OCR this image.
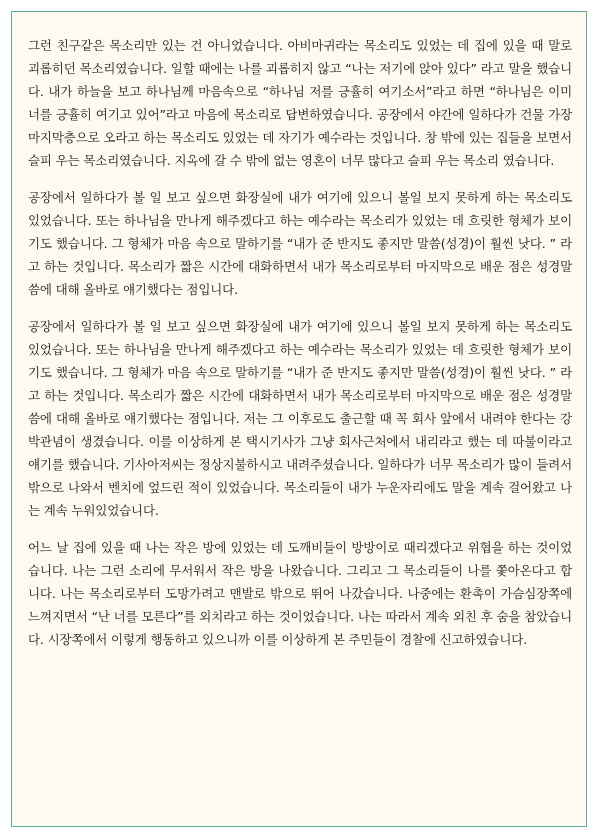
그런 친구같은 목소리만 있는 건 아니었습니다. 아비마귀라는 목소리도 있었는 데 집에 있을 때 말로 괴롭히던 목소리였습니다. 일할 때에는 나를 괴롭히지 않고 “나는 저기에 앉아 있다” 라고 말을 했습니다. 내가 하늘을 보고 하나님께 마음속으로 “하나님 저를 긍휼히 여기소서”라고 하면 “하나님은 이미 너를 긍휼히 여기고 있어”라고 마음에 목소리로 답변하였습니다. 공장에서 야간에 일하다가 건물 가장 마지막층으로 오라고 하는 목소리도 있었는 데 자기가 예수라는 것입니다. 창 밖에 있는 집들을 보면서 슬피 우는 목소리였습니다. 지옥에 갈 수 밖에 없는 영혼이 너무 많다고 슬피 우는 목소리 였습니다.

공장에서 일하다가 볼 일 보고 싶으면 화장실에 내가 여기에 있으니 볼일 보지 못하게 하는 목소리도 있었습니다. 또는 하나님을 만나게 해주겠다고 하는 예수라는 목소리가 있었는 데 흐릿한 형체가 보이기도 했습니다. 그 형체가 마음 속으로 말하기를 “내가 준 반지도 좋지만 말씀(성경)이 훨씬 낫다. ” 라고 하는 것입니다. 목소리가 짧은 시간에 대화하면서 내가 목소리로부터 마지막으로 배운 점은 성경말씀에 대해 올바로 얘기했다는 점입니다.

공장에서 일하다가 볼 일 보고 싶으면 화장실에 내가 여기에 있으니 볼일 보지 못하게 하는 목소리도 있었습니다. 또는 하나님을 만나게 해주겠다고 하는 예수라는 목소리가 있었는 데 흐릿한 형체가 보이기도 했습니다. 그 형체가 마음 속으로 말하기를 “내가 준 반지도 좋지만 말씀(성경)이 훨씬 낫다. ” 라고 하는 것입니다. 목소리가 짧은 시간에 대화하면서 내가 목소리로부터 마지막으로 배운 점은 성경말씀에 대해 올바로 얘기했다는 점입니다. 저는 그 이후로도 출근할 때 꼭 회사 앞에서 내려야 한다는 강박관념이 생겼습니다. 이를 이상하게 본 택시기사가 그냥 회사근처에서 내리라고 했는 데 따불이라고 얘기를 했습니다. 기사아저씨는 정상지불하시고 내려주셨습니다. 일하다가 너무 목소리가 많이 들려서 밖으로 나와서 벤치에 엎드린 적이 있었습니다. 목소리들이 내가 누운자리에도 말을 계속 걸어왔고 나는 계속 누워있었습니다.

어느 날 집에 있을 때 나는 작은 방에 있었는 데 도깨비들이 방방이로 때리겠다고 위협을 하는 것이었습니다. 나는 그런 소리에 무서워서 작은 방을 나왔습니다. 그리고 그 목소리들이 나를 쫓아온다고 합니다. 나는 목소리로부터 도망가려고 맨발로 밖으로 뛰어 나갔습니다. 나중에는 환촉이 가슴심장쪽에 느껴지면서 “난 너를 모른다”를 외치라고 하는 것이었습니다. 나는 따라서 계속 외친 후 숨을 참았습니다. 시장쪽에서 이렇게 행동하고 있으니까 이를 이상하게 본 주민들이 경찰에 신고하였습니다.
